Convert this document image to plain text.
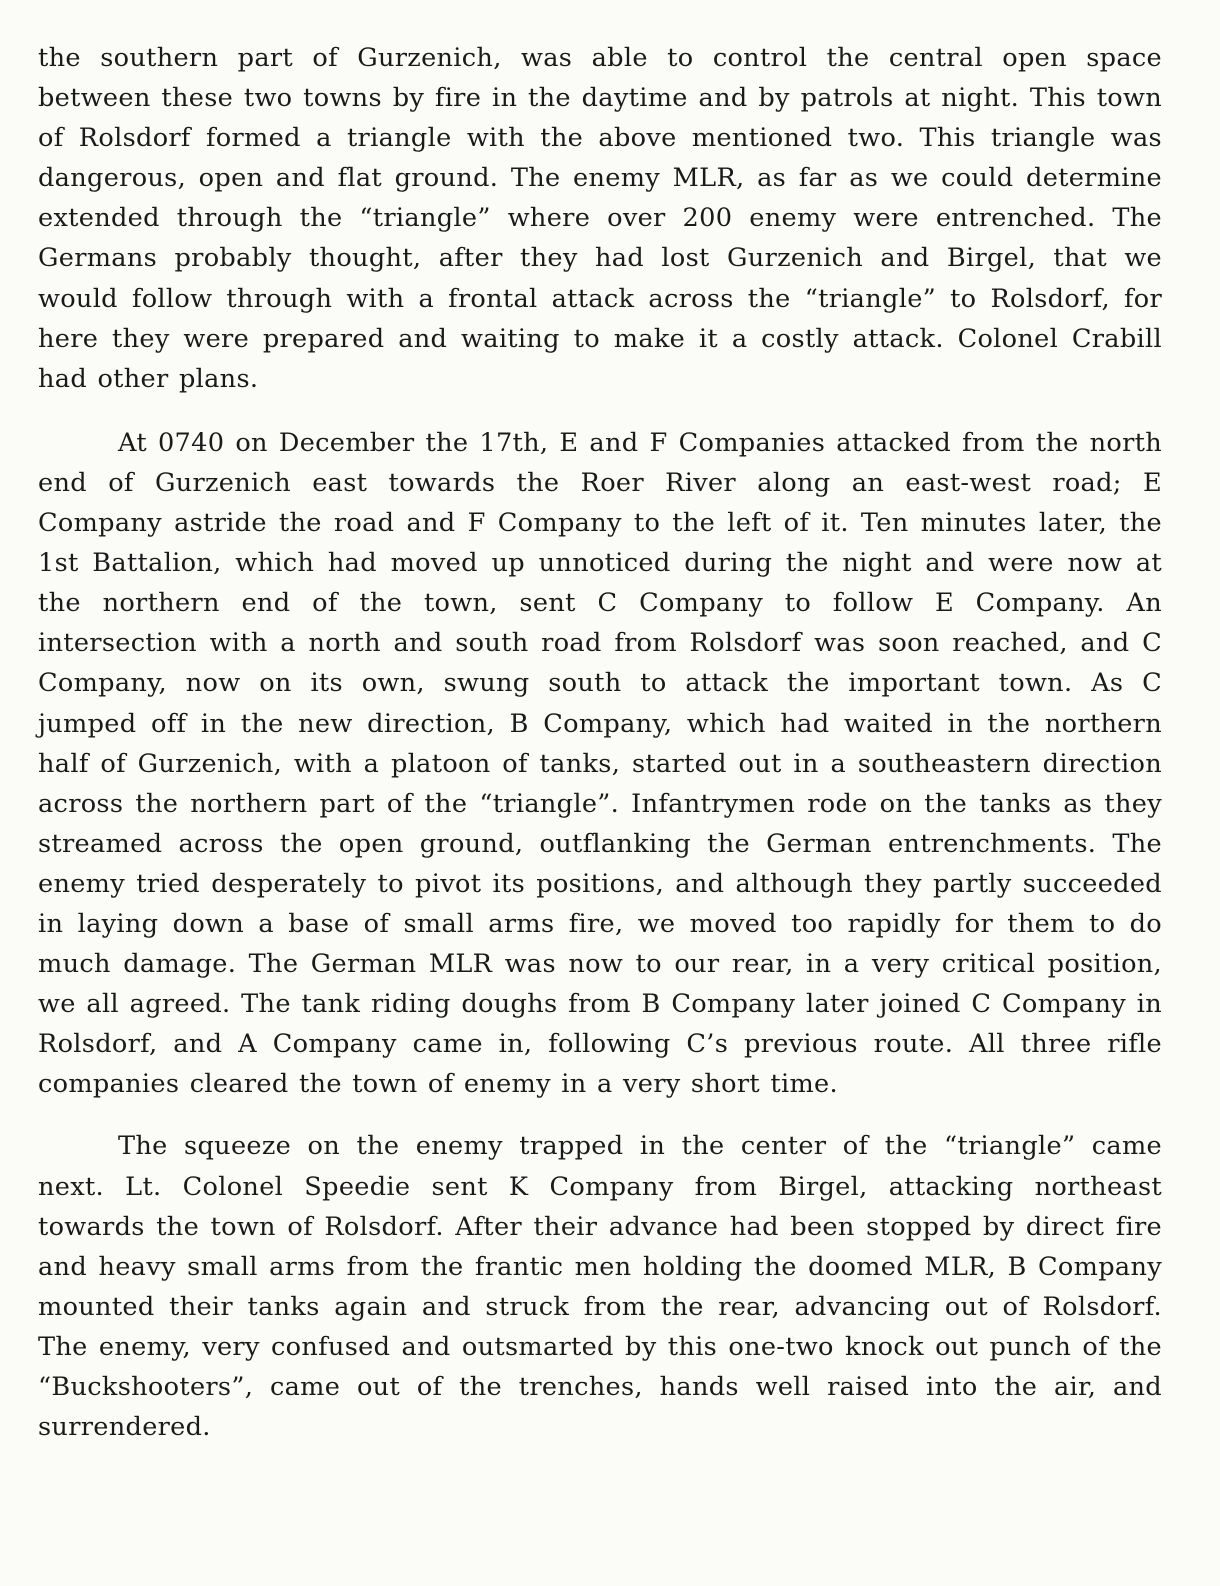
the southern part of Gurzenich, was able to control the central open space between these two towns by fire in the daytime and by patrols at night. This town of Rolsdorf formed a triangle with the above mentioned two. This triangle was dangerous, open and flat ground. The enemy MLR, as far as we could determine extended through the “triangle” where over 200 enemy were entrenched. The Germans probably thought, after they had lost Gurzenich and Birgel, that we would follow through with a frontal attack across the “triangle” to Rolsdorf, for here they were prepared and waiting to make it a costly attack. Colonel Crabill had other plans.

At 0740 on December the 17th, E and F Companies attacked from the north end of Gurzenich east towards the Roer River along an east-west road; E Company astride the road and F Company to the left of it. Ten minutes later, the 1st Battalion, which had moved up unnoticed during the night and were now at the northern end of the town, sent C Company to follow E Company. An intersection with a north and south road from Rolsdorf was soon reached, and C Company, now on its own, swung south to attack the important town. As C jumped off in the new direction, B Company, which had waited in the northern half of Gurzenich, with a platoon of tanks, started out in a southeastern direction across the northern part of the “triangle”. Infantrymen rode on the tanks as they streamed across the open ground, outflanking the German entrenchments. The enemy tried desperately to pivot its positions, and although they partly succeeded in laying down a base of small arms fire, we moved too rapidly for them to do much damage. The German MLR was now to our rear, in a very critical position, we all agreed. The tank riding doughs from B Company later joined C Company in Rolsdorf, and A Company came in, following C’s previous route. All three rifle companies cleared the town of enemy in a very short time.

The squeeze on the enemy trapped in the center of the “triangle” came next. Lt. Colonel Speedie sent K Company from Birgel, attacking northeast towards the town of Rolsdorf. After their advance had been stopped by direct fire and heavy small arms from the frantic men holding the doomed MLR, B Company mounted their tanks again and struck from the rear, advancing out of Rolsdorf. The enemy, very confused and outsmarted by this one-two knock out punch of the “Buckshooters”, came out of the trenches, hands well raised into the air, and surrendered.
